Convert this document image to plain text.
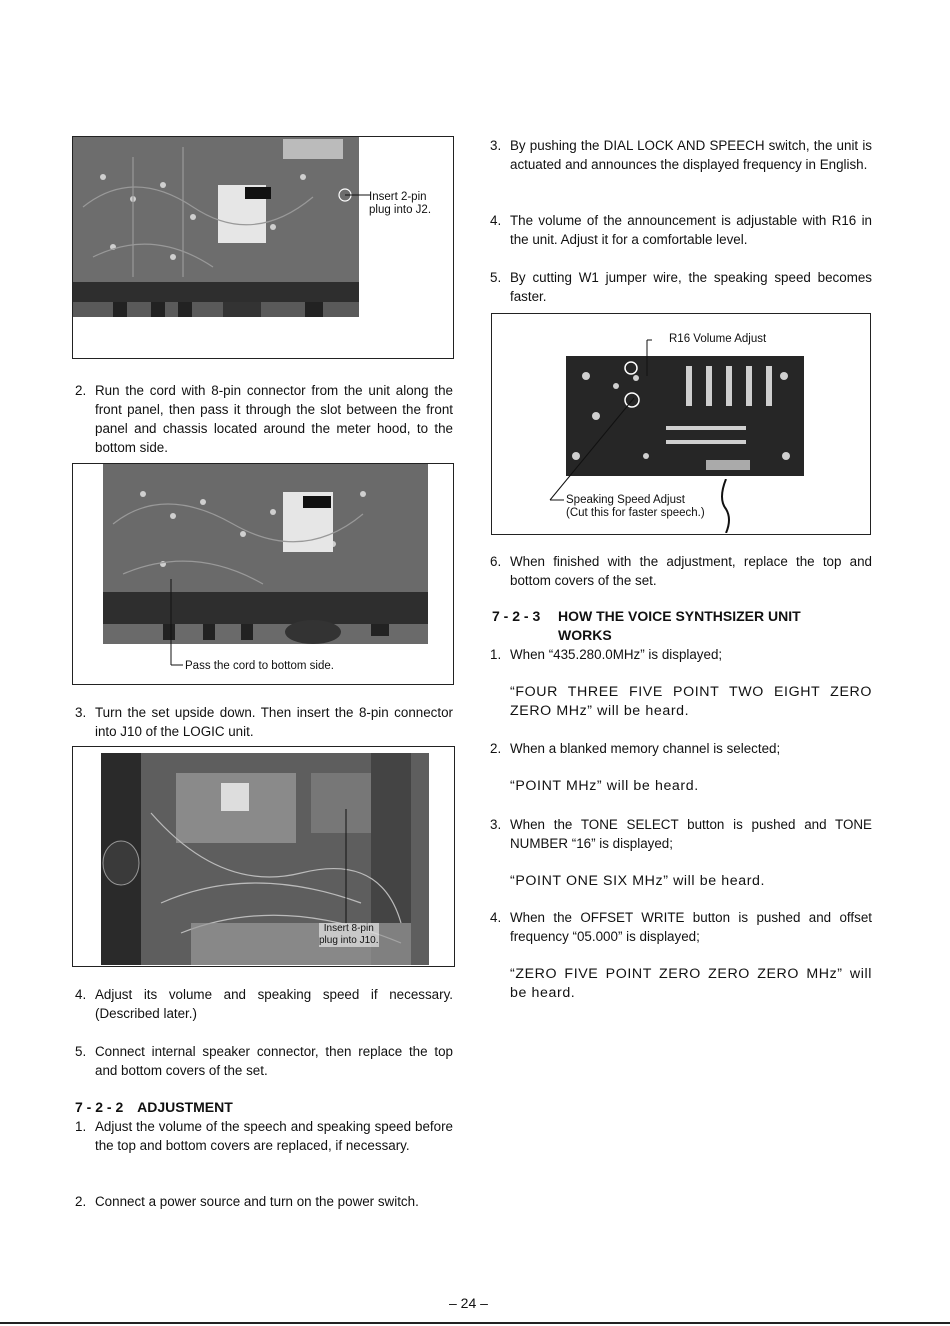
Insert 2-pin
plug into J2.
2. Run the cord with 8-pin connector from the unit along the front panel, then pass it through the slot between the front panel and chassis located around the meter hood, to the bottom side.
Pass the cord to bottom side.
3. Turn the set upside down. Then insert the 8-pin connector into J10 of the LOGIC unit.
Insert 8-pin
plug into J10.
4. Adjust its volume and speaking speed if necessary. (Described later.)
5. Connect internal speaker connector, then replace the top and bottom covers of the set.
7 - 2 - 2 ADJUSTMENT
1. Adjust the volume of the speech and speaking speed before the top and bottom covers are replaced, if necessary.
2. Connect a power source and turn on the power switch.
3. By pushing the DIAL LOCK AND SPEECH switch, the unit is actuated and announces the displayed frequency in English.
4. The volume of the announcement is adjustable with R16 in the unit. Adjust it for a comfortable level.
5. By cutting W1 jumper wire, the speaking speed becomes faster.
R16 Volume Adjust
Speaking Speed Adjust
(Cut this for faster speech.)
6. When finished with the adjustment, replace the top and bottom covers of the set.
7 - 2 - 3 HOW THE VOICE SYNTHSIZER UNIT
WORKS
1. When “435.280.0MHz” is displayed;
“FOUR THREE FIVE POINT TWO EIGHT ZERO ZERO MHz” will be heard.
2. When a blanked memory channel is selected;
“POINT MHz” will be heard.
3. When the TONE SELECT button is pushed and TONE NUMBER “16” is displayed;
“POINT ONE SIX MHz” will be heard.
4. When the OFFSET WRITE button is pushed and offset frequency “05.000” is displayed;
“ZERO FIVE POINT ZERO ZERO ZERO MHz” will be heard.
– 24 –
